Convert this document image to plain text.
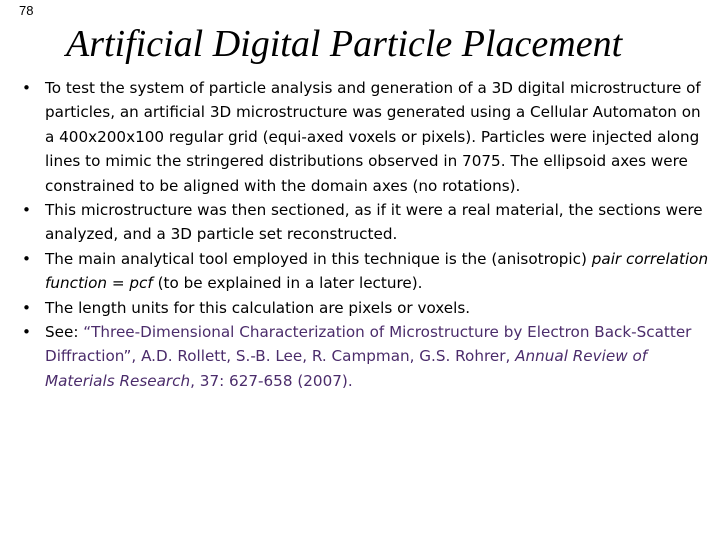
78
Artificial Digital Particle Placement
• To test the system of particle analysis and generation of a 3D digital microstructure of particles, an artificial 3D microstructure was generated using a Cellular Automaton on a 400x200x100 regular grid (equi-axed voxels or pixels). Particles were injected along lines to mimic the stringered distributions observed in 7075. The ellipsoid axes were constrained to be aligned with the domain axes (no rotations).
• This microstructure was then sectioned, as if it were a real material, the sections were analyzed, and a 3D particle set reconstructed.
• The main analytical tool employed in this technique is the (anisotropic) pair correlation function = pcf (to be explained in a later lecture).
• The length units for this calculation are pixels or voxels.
• See: “Three-Dimensional Characterization of Microstructure by Electron Back-Scatter Diffraction”, A.D. Rollett, S.-B. Lee, R. Campman, G.S. Rohrer, Annual Review of Materials Research, 37: 627-658 (2007).
